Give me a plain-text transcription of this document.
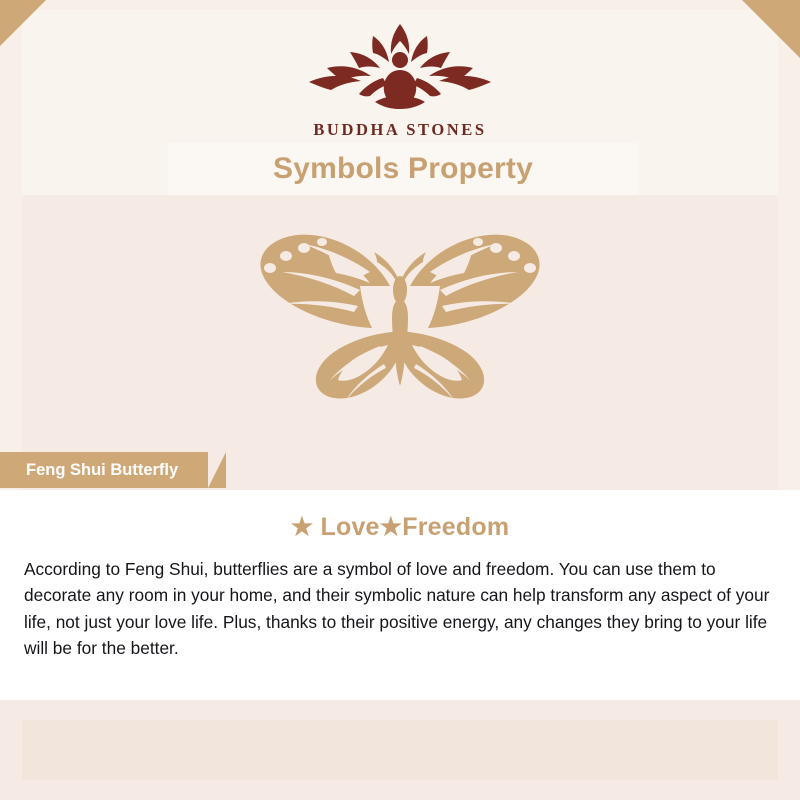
BUDDHA STONES
Symbols Property
Feng Shui Butterfly
★ Love★Freedom
According to Feng Shui, butterflies are a symbol of love and freedom. You can use them to decorate any room in your home, and their symbolic nature can help transform any aspect of your life, not just your love life. Plus, thanks to their positive energy, any changes they bring to your life will be for the better.
